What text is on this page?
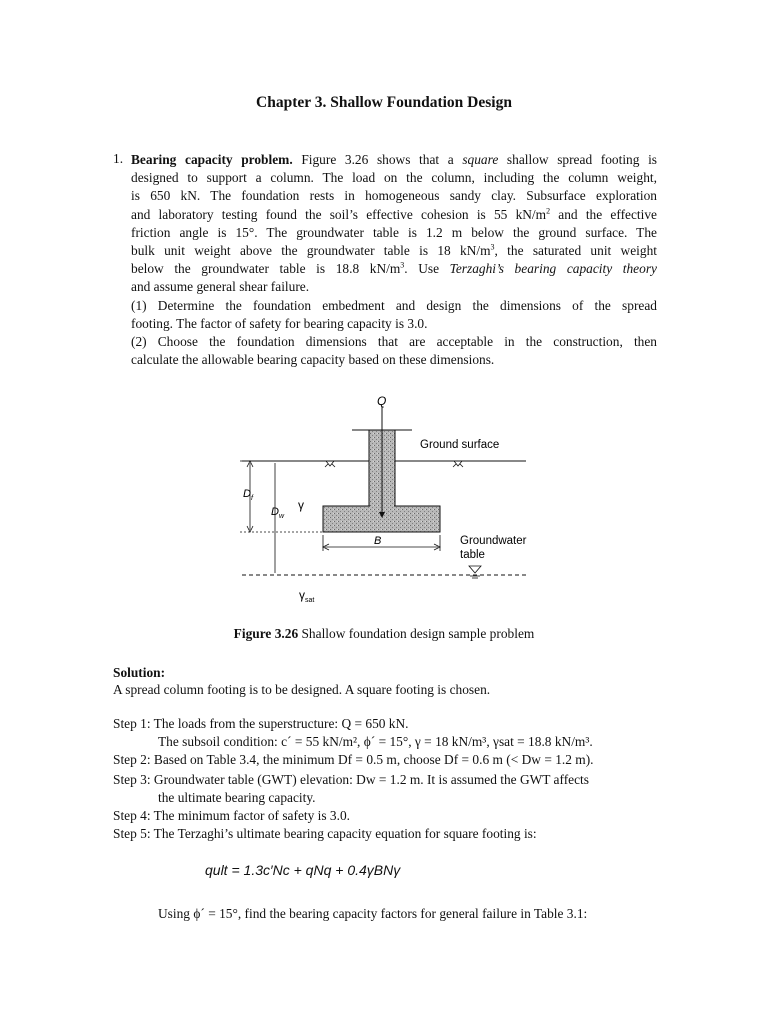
Chapter 3. Shallow Foundation Design
1. Bearing capacity problem. Figure 3.26 shows that a square shallow spread footing is
designed to support a column. The load on the column, including the column weight,
is 650 kN. The foundation rests in homogeneous sandy clay. Subsurface exploration
and laboratory testing found the soil’s effective cohesion is 55 $kN/m^2$ and the effective
friction angle is 15°. The groundwater table is 1.2 m below the ground surface. The
bulk unit weight above the groundwater table is 18 $kN/m^3$, the saturated unit weight
below the groundwater table is 18.8 $kN/m^3$. Use Terzaghi’s bearing capacity theory
and assume general shear failure.
(1) Determine the foundation embedment and design the dimensions of the spread
footing. The factor of safety for bearing capacity is 3.0.
(2) Choose the foundation dimensions that are acceptable in the construction, then
calculate the allowable bearing capacity based on these dimensions.
Q
Ground surface
$D_f$
$D_w$
γ
B	Groundwater
table
$\gamma_{sat}$
Figure 3.26 Shallow foundation design sample problem
Solution:
A spread column footing is to be designed. A square footing is chosen.
Step 1: The loads from the superstructure: Q = 650 kN.
The subsoil condition: c´ = 55 kN/m², ϕ´ = 15°, γ = 18 kN/m³, γsat = 18.8 kN/m³.
Step 2: Based on Table 3.4, the minimum Df = 0.5 m, choose Df = 0.6 m (< Dw = 1.2 m).
Step 3: Groundwater table (GWT) elevation: Dw = 1.2 m. It is assumed the GWT affects
the ultimate bearing capacity.
Step 4: The minimum factor of safety is 3.0.
Step 5: The Terzaghi’s ultimate bearing capacity equation for square footing is:
qult = 1.3c′Nc + qNq + 0.4γBNγ
Using ϕ´ = 15°, find the bearing capacity factors for general failure in Table 3.1:
